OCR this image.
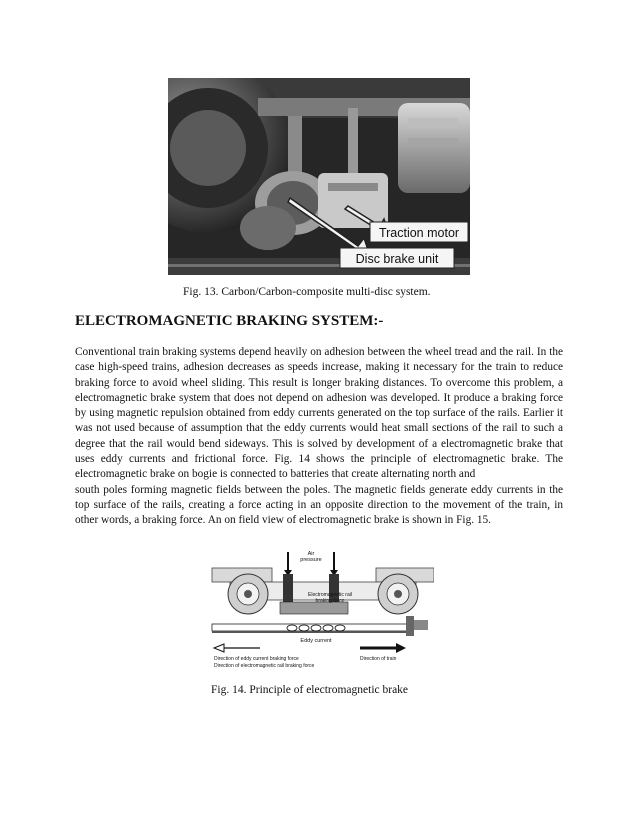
Traction motor
Disc brake unit
Fig. 13. Carbon/Carbon-composite multi-disc system.
ELECTROMAGNETIC BRAKING SYSTEM:-

Conventional train braking systems depend heavily on adhesion between the wheel tread and the rail. In the case high-speed trains, adhesion decreases as speeds increase, making it necessary for the train to reduce braking force to avoid wheel sliding. This result is longer braking distances. To overcome this problem, a electromagnetic brake system that does not depend on adhesion was developed. It produce a braking force by using magnetic repulsion obtained from eddy currents generated on the top surface of the rails. Earlier it was not used because of assumption that the eddy currents would heat small sections of the rail to such a degree that the rail would bend sideways. This is solved by development of a electromagnetic brake that uses eddy currents and frictional force. Fig. 14 shows the principle of electromagnetic brake. The electromagnetic brake on bogie is connected to batteries that create alternating north and
south poles forming magnetic fields between the poles. The magnetic fields generate eddy currents in the top surface of the rails, creating a force acting in an opposite direction to the movement of the train, in other words, a braking force. An on field view of electromagnetic brake is shown in Fig. 15.

Air
pressure
Electromagnetic rail
braking force
Eddy current
Direction of eddy current braking force
Direction of electromagnetic rail braking force
Direction of train
Fig. 14. Principle of electromagnetic brake
